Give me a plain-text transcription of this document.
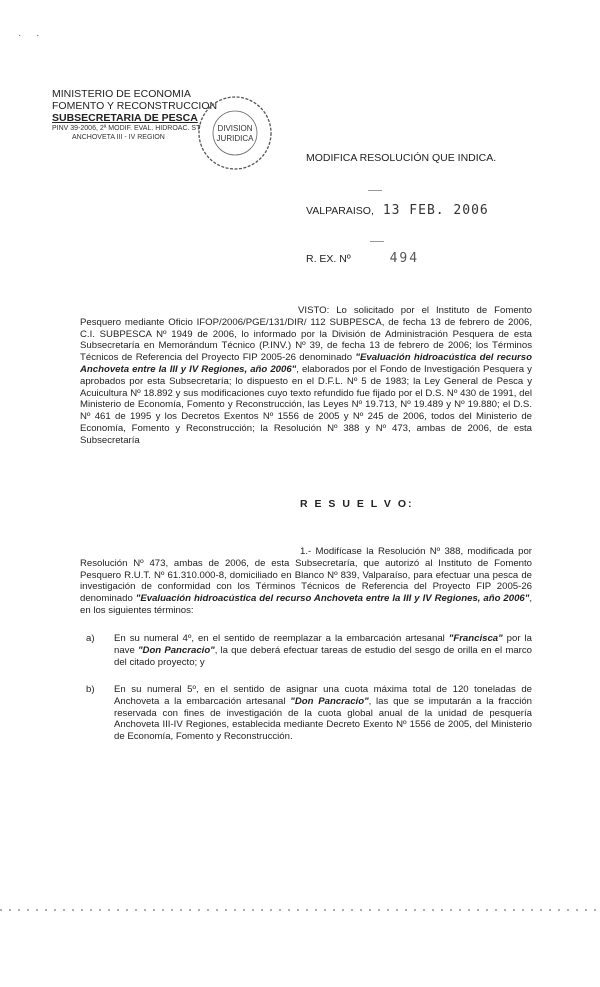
· ·
MINISTERIO DE ECONOMIA
FOMENTO Y RECONSTRUCCION
SUBSECRETARIA DE PESCA
PINV 39-2006, 2ª MODIF. EVAL. HIDROAC. ST
ANCHOVETA III - IV REGION
DIVISION
JURIDICA
MODIFICA RESOLUCIÓN QUE INDICA.
VALPARAISO, 13 FEB. 2006
R. EX. Nº	494
VISTO: Lo solicitado por el Instituto de Fomento Pesquero mediante Oficio IFOP/2006/PGE/131/DIR/ 112 SUBPESCA, de fecha 13 de febrero de 2006, C.I. SUBPESCA Nº 1949 de 2006, lo informado por la División de Administración Pesquera de esta Subsecretaría en Memorándum Técnico (P.INV.) Nº 39, de fecha 13 de febrero de 2006; los Términos Técnicos de Referencia del Proyecto FIP 2005-26 denominado "Evaluación hidroacústica del recurso Anchoveta entre la III y IV Regiones, año 2006", elaborados por el Fondo de Investigación Pesquera y aprobados por esta Subsecretaría; lo dispuesto en el D.F.L. Nº 5 de 1983; la Ley General de Pesca y Acuicultura Nº 18.892 y sus modificaciones cuyo texto refundido fue fijado por el D.S. Nº 430 de 1991, del Ministerio de Economía, Fomento y Reconstrucción, las Leyes Nº 19.713, Nº 19.489 y Nº 19.880; el D.S. Nº 461 de 1995 y los Decretos Exentos Nº 1556 de 2005 y Nº 245 de 2006, todos del Ministerio de Economía, Fomento y Reconstrucción; la Resolución Nº 388 y Nº 473, ambas de 2006, de esta Subsecretaría
R E S U E L V O:
1.- Modifícase la Resolución Nº 388, modificada por Resolución Nº 473, ambas de 2006, de esta Subsecretaría, que autorizó al Instituto de Fomento Pesquero R.U.T. Nº 61.310.000-8, domiciliado en Blanco Nº 839, Valparaíso, para efectuar una pesca de investigación de conformidad con los Términos Técnicos de Referencia del Proyecto FIP 2005-26 denominado "Evaluación hidroacústica del recurso Anchoveta entre la III y IV Regiones, año 2006", en los siguientes términos:
a) En su numeral 4º, en el sentido de reemplazar a la embarcación artesanal "Francisca" por la nave "Don Pancracio", la que deberá efectuar tareas de estudio del sesgo de orilla en el marco del citado proyecto; y
b) En su numeral 5º, en el sentido de asignar una cuota máxima total de 120 toneladas de Anchoveta a la embarcación artesanal "Don Pancracio", las que se imputarán a la fracción reservada con fines de investigación de la cuota global anual de la unidad de pesquería Anchoveta III-IV Regiones, establecida mediante Decreto Exento Nº 1556 de 2005, del Ministerio de Economía, Fomento y Reconstrucción.
